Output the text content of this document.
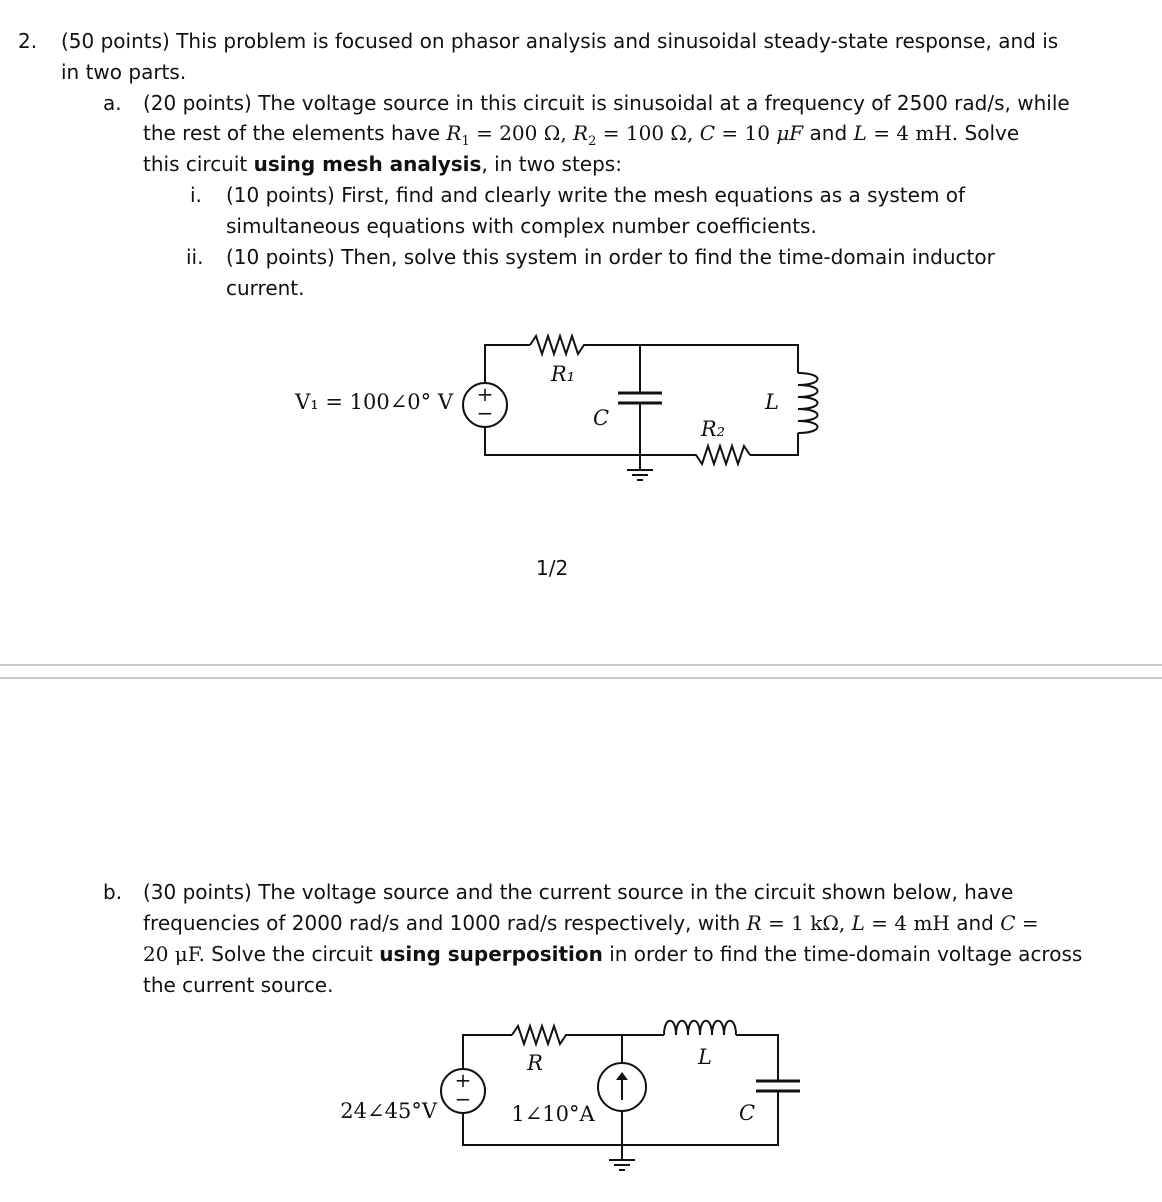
2. (50 points) This problem is focused on phasor analysis and sinusoidal steady-state response, and is
in two parts.
a. (20 points) The voltage source in this circuit is sinusoidal at a frequency of 2500 rad/s, while
the rest of the elements have $R_1 = 200$ Ω, $R_2 = 100$ Ω, C = 10 μF and L = 4 mH. Solve
this circuit using mesh analysis, in two steps:
i. (10 points) First, find and clearly write the mesh equations as a system of
simultaneous equations with complex number coefficients.
ii. (10 points) Then, solve this system in order to find the time-domain inductor
current.
+
−
V₁ = 100∠0° V
R₁
C	R₂
L
1/2
b. (30 points) The voltage source and the current source in the circuit shown below, have
frequencies of 2000 rad/s and 1000 rad/s respectively, with R = 1 kΩ, L = 4 mH and C =
20 μF. Solve the circuit using superposition in order to find the time-domain voltage across
the current source.
+
−
24∠45°V
R
1∠10°A
L
C
